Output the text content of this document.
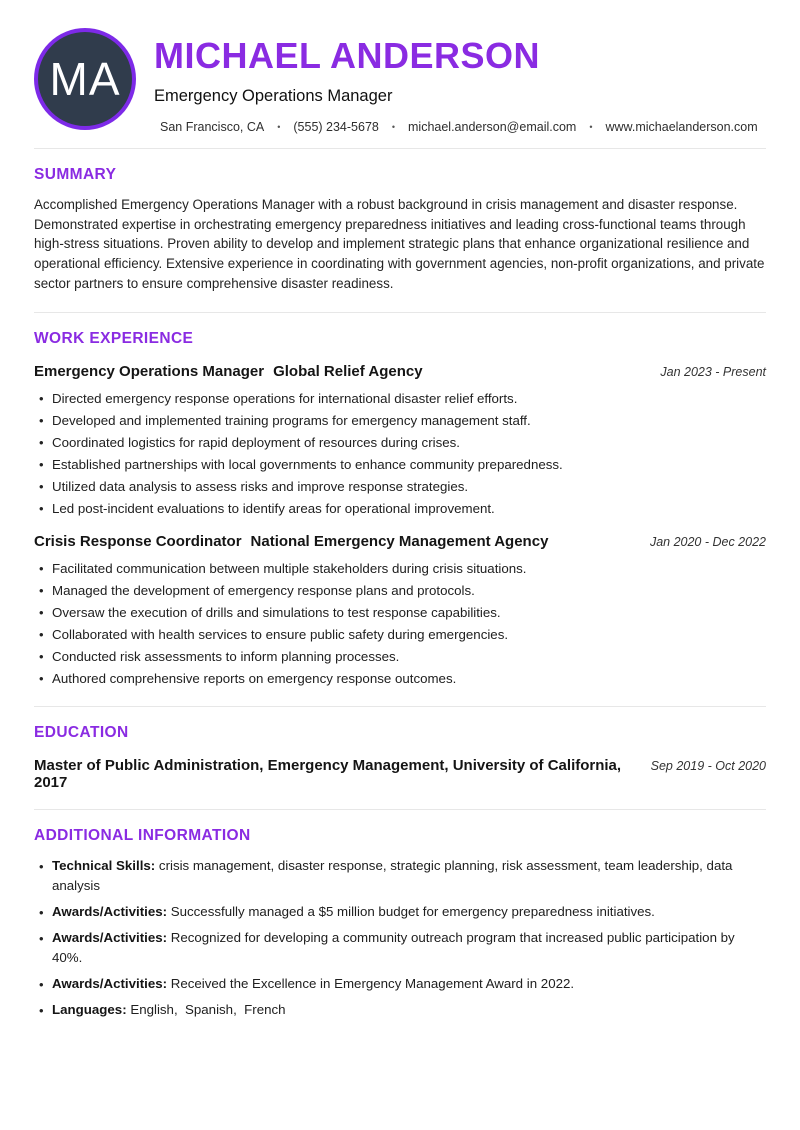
MA MICHAEL ANDERSON
Emergency Operations Manager
San Francisco, CA • (555) 234-5678 • michael.anderson@email.com • www.michaelanderson.com
SUMMARY

Accomplished Emergency Operations Manager with a robust background in crisis management and disaster response. Demonstrated expertise in orchestrating emergency preparedness initiatives and leading cross-functional teams through high-stress situations. Proven ability to develop and implement strategic plans that enhance organizational resilience and operational efficiency. Extensive experience in coordinating with government agencies, non-profit organizations, and private sector partners to ensure comprehensive disaster readiness.

WORK EXPERIENCE
Emergency Operations Manager Global Relief Agency	Jan 2023 - Present
• Directed emergency response operations for international disaster relief efforts.
• Developed and implemented training programs for emergency management staff.
• Coordinated logistics for rapid deployment of resources during crises.
• Established partnerships with local governments to enhance community preparedness.
• Utilized data analysis to assess risks and improve response strategies.
• Led post-incident evaluations to identify areas for operational improvement.
Crisis Response Coordinator National Emergency Management Agency	Jan 2020 - Dec 2022
• Facilitated communication between multiple stakeholders during crisis situations.
• Managed the development of emergency response plans and protocols.
• Oversaw the execution of drills and simulations to test response capabilities.
• Collaborated with health services to ensure public safety during emergencies.
• Conducted risk assessments to inform planning processes.
• Authored comprehensive reports on emergency response outcomes.
EDUCATION
Master of Public Administration, Emergency Management, University of California, 2017
Sep 2019 - Oct 2020
ADDITIONAL INFORMATION
• Technical Skills: crisis management, disaster response, strategic planning, risk assessment, team leadership, data analysis
• Awards/Activities: Successfully managed a $5 million budget for emergency preparedness initiatives.
• Awards/Activities: Recognized for developing a community outreach program that increased public participation by 40%.
• Awards/Activities: Received the Excellence in Emergency Management Award in 2022.
• Languages: English,  Spanish,  French
